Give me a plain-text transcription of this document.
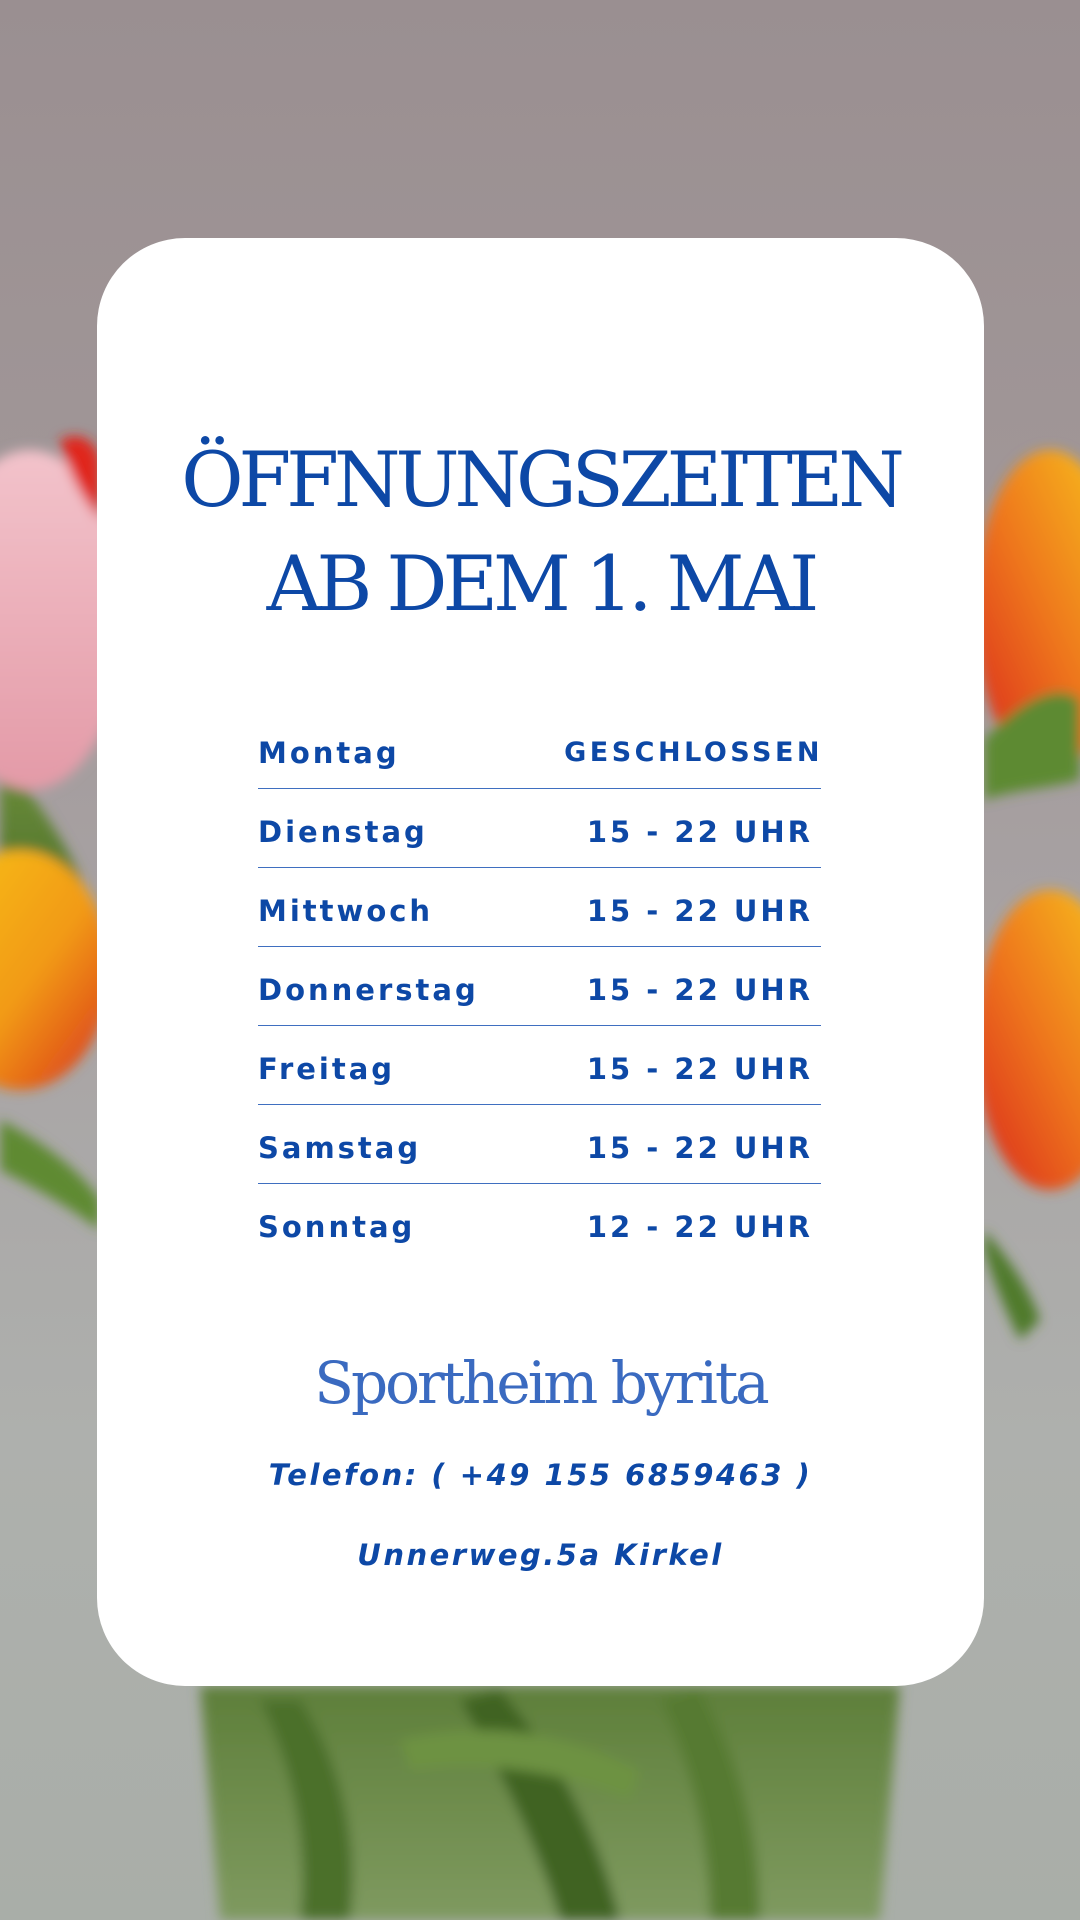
ÖFFNUNGSZEITEN
AB DEM 1. MAI
Montag	GESCHLOSSEN
Dienstag	15 - 22 UHR
Mittwoch	15 - 22 UHR
Donnerstag	15 - 22 UHR
Freitag	15 - 22 UHR
Samstag	15 - 22 UHR
Sonntag	12 - 22 UHR
Sportheim byrita
Telefon: ( +49 155 6859463 )
Unnerweg.5a Kirkel
